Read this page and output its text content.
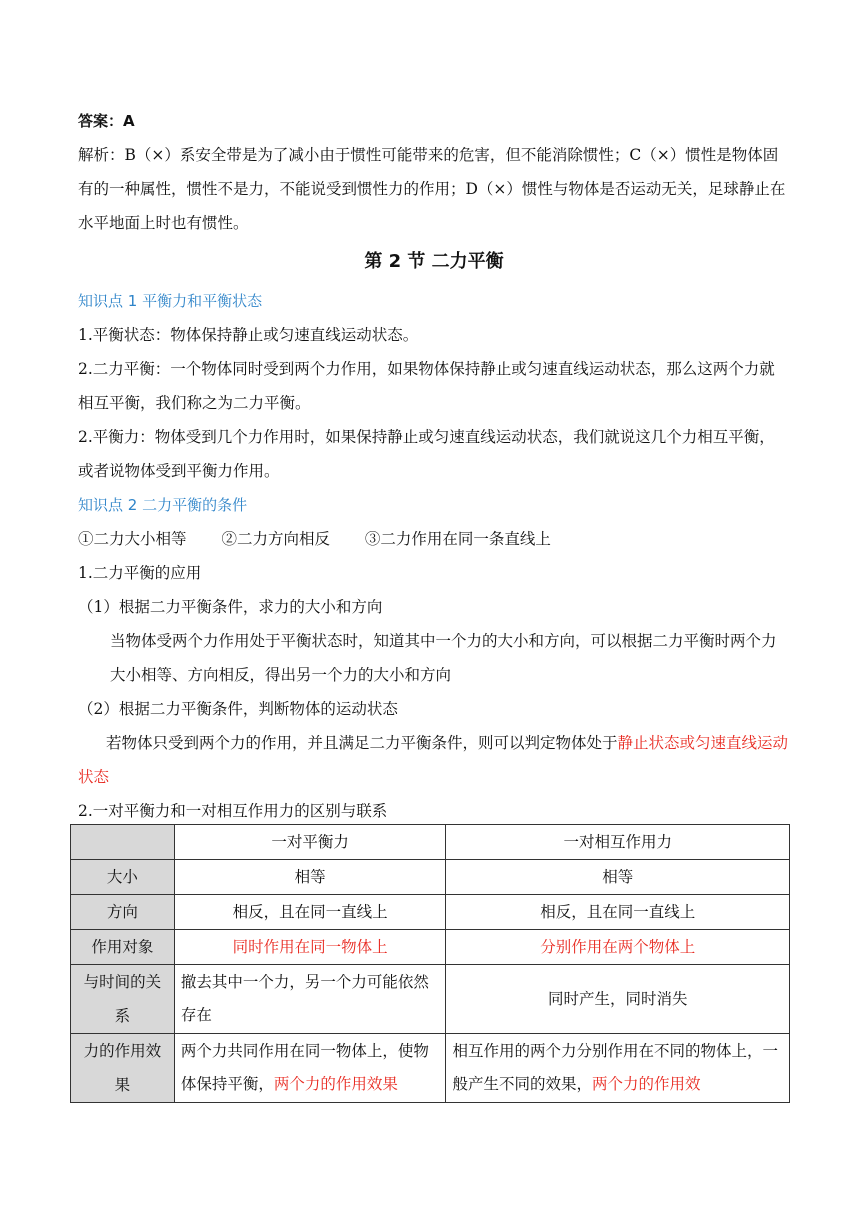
答案：A

解析：B（×）系安全带是为了减小由于惯性可能带来的危害，但不能消除惯性；C（×）惯性是物体固有的一种属性，惯性不是力，不能说受到惯性力的作用；D（×）惯性与物体是否运动无关，足球静止在水平地面上时也有惯性。

第 2 节 二力平衡

知识点 1 平衡力和平衡状态

1.平衡状态：物体保持静止或匀速直线运动状态。

2.二力平衡：一个物体同时受到两个力作用，如果物体保持静止或匀速直线运动状态，那么这两个力就相互平衡，我们称之为二力平衡。

2.平衡力：物体受到几个力作用时，如果保持静止或匀速直线运动状态，我们就说这几个力相互平衡，或者说物体受到平衡力作用。

知识点 2 二力平衡的条件

①二力大小相等 ②二力方向相反 ③二力作用在同一条直线上

1.二力平衡的应用

（1）根据二力平衡条件，求力的大小和方向

当物体受两个力作用处于平衡状态时，知道其中一个力的大小和方向，可以根据二力平衡时两个力大小相等、方向相反，得出另一个力的大小和方向

（2）根据二力平衡条件，判断物体的运动状态

若物体只受到两个力的作用，并且满足二力平衡条件，则可以判定物体处于静止状态或匀速直线运动状态

2.一对平衡力和一对相互作用力的区别与联系

	一对平衡力	一对相互作用力
大小	相等	相等
方向	相反，且在同一直线上	相反，且在同一直线上
作用对象	同时作用在同一物体上	分别作用在两个物体上
与时间的关系	撤去其中一个力，另一个力可能依然存在	同时产生，同时消失
力的作用效果	两个力共同作用在同一物体上，使物体保持平衡，两个力的作用效果	相互作用的两个力分别作用在不同的物体上，一般产生不同的效果，两个力的作用效
